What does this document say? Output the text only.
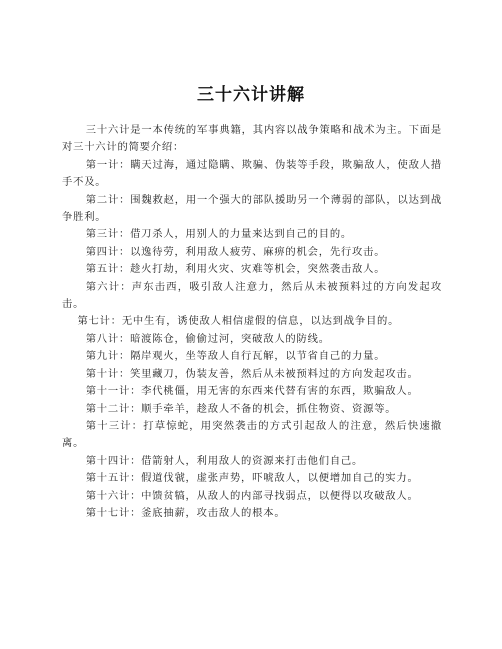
三十六计讲解

三十六计是一本传统的军事典籍，其内容以战争策略和战术为主。下面是对三十六计的简要介绍：

第一计：瞒天过海，通过隐瞒、欺骗、伪装等手段，欺骗敌人，使敌人措手不及。

第二计：围魏救赵，用一个强大的部队援助另一个薄弱的部队，以达到战争胜利。

第三计：借刀杀人，用别人的力量来达到自己的目的。

第四计：以逸待劳，利用敌人疲劳、麻痹的机会，先行攻击。

第五计：趁火打劫，利用火灾、灾难等机会，突然袭击敌人。

第六计：声东击西，吸引敌人注意力，然后从未被预料过的方向发起攻击。

第七计：无中生有，诱使敌人相信虚假的信息，以达到战争目的。

第八计：暗渡陈仓，偷偷过河，突破敌人的防线。

第九计：隔岸观火，坐等敌人自行瓦解，以节省自己的力量。

第十计：笑里藏刀，伪装友善，然后从未被预料过的方向发起攻击。

第十一计：李代桃僵，用无害的东西来代替有害的东西，欺骗敌人。

第十二计：顺手牵羊，趁敌人不备的机会，抓住物资、资源等。

第十三计：打草惊蛇，用突然袭击的方式引起敌人的注意，然后快速撤离。

第十四计：借箭射人，利用敌人的资源来打击他们自己。

第十五计：假道伐虢，虚张声势，吓唬敌人，以便增加自己的实力。

第十六计：中馈贫犒，从敌人的内部寻找弱点，以便得以攻破敌人。

第十七计：釜底抽薪，攻击敌人的根本。
